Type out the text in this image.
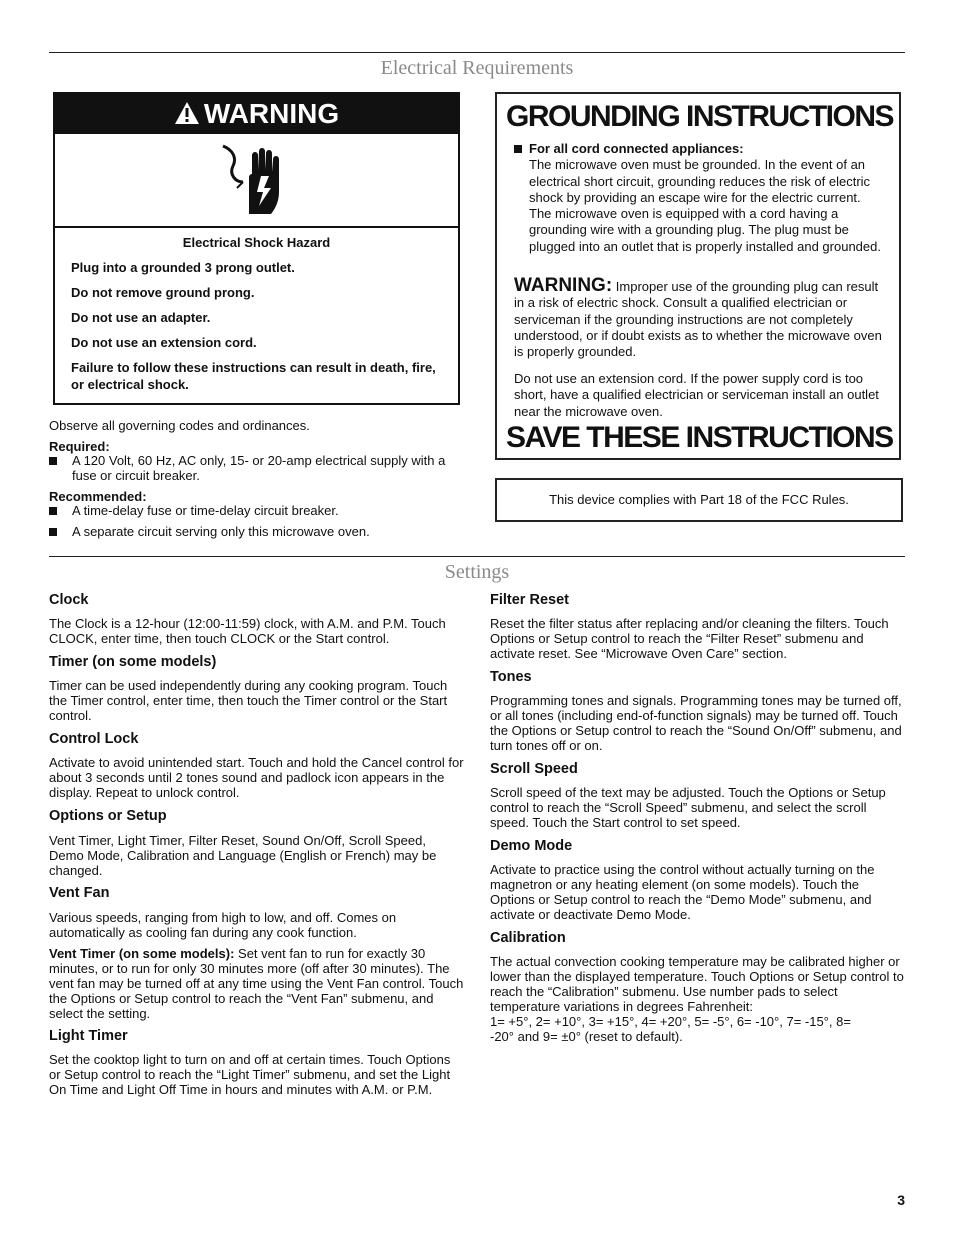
Electrical Requirements
WARNING
Electrical Shock Hazard

Plug into a grounded 3 prong outlet.

Do not remove ground prong.

Do not use an adapter.

Do not use an extension cord.

Failure to follow these instructions can result in death, fire, or electrical shock.

Observe all governing codes and ordinances.
Required:
A 120 Volt, 60 Hz, AC only, 15- or 20-amp electrical supply with a fuse or circuit breaker.
Recommended:
A time-delay fuse or time-delay circuit breaker.
A separate circuit serving only this microwave oven.
GROUNDING INSTRUCTIONS
For all cord connected appliances:
The microwave oven must be grounded. In the event of an electrical short circuit, grounding reduces the risk of electric shock by providing an escape wire for the electric current. The microwave oven is equipped with a cord having a grounding wire with a grounding plug. The plug must be plugged into an outlet that is properly installed and grounded.
WARNING: Improper use of the grounding plug can result in a risk of electric shock. Consult a qualified electrician or serviceman if the grounding instructions are not completely understood, or if doubt exists as to whether the microwave oven is properly grounded.
Do not use an extension cord. If the power supply cord is too short, have a qualified electrician or serviceman install an outlet near the microwave oven.
SAVE THESE INSTRUCTIONS
This device complies with Part 18 of the FCC Rules.
Settings
Clock
The Clock is a 12-hour (12:00-11:59) clock, with A.M. and P.M. Touch CLOCK, enter time, then touch CLOCK or the Start control.
Timer (on some models)
Timer can be used independently during any cooking program. Touch the Timer control, enter time, then touch the Timer control or the Start control.
Control Lock
Activate to avoid unintended start. Touch and hold the Cancel control for about 3 seconds until 2 tones sound and padlock icon appears in the display. Repeat to unlock control.
Options or Setup
Vent Timer, Light Timer, Filter Reset, Sound On/Off, Scroll Speed, Demo Mode, Calibration and Language (English or French) may be changed.
Vent Fan
Various speeds, ranging from high to low, and off. Comes on automatically as cooling fan during any cook function.
Vent Timer (on some models): Set vent fan to run for exactly 30 minutes, or to run for only 30 minutes more (off after 30 minutes). The vent fan may be turned off at any time using the Vent Fan control. Touch the Options or Setup control to reach the “Vent Fan” submenu, and select the setting.
Light Timer
Set the cooktop light to turn on and off at certain times. Touch Options or Setup control to reach the “Light Timer” submenu, and set the Light On Time and Light Off Time in hours and minutes with A.M. or P.M.
Filter Reset
Reset the filter status after replacing and/or cleaning the filters. Touch Options or Setup control to reach the “Filter Reset” submenu and activate reset. See “Microwave Oven Care” section.
Tones
Programming tones and signals. Programming tones may be turned off, or all tones (including end-of-function signals) may be turned off. Touch the Options or Setup control to reach the “Sound On/Off” submenu, and turn tones off or on.
Scroll Speed
Scroll speed of the text may be adjusted. Touch the Options or Setup control to reach the “Scroll Speed” submenu, and select the scroll speed. Touch the Start control to set speed.
Demo Mode
Activate to practice using the control without actually turning on the magnetron or any heating element (on some models). Touch the Options or Setup control to reach the “Demo Mode” submenu, and activate or deactivate Demo Mode.
Calibration
The actual convection cooking temperature may be calibrated higher or lower than the displayed temperature. Touch Options or Setup control to reach the “Calibration” submenu. Use number pads to select temperature variations in degrees Fahrenheit:
1= +5°, 2= +10°, 3= +15°, 4= +20°, 5= -5°, 6= -10°, 7= -15°, 8= -20° and 9= ±0° (reset to default).
3
